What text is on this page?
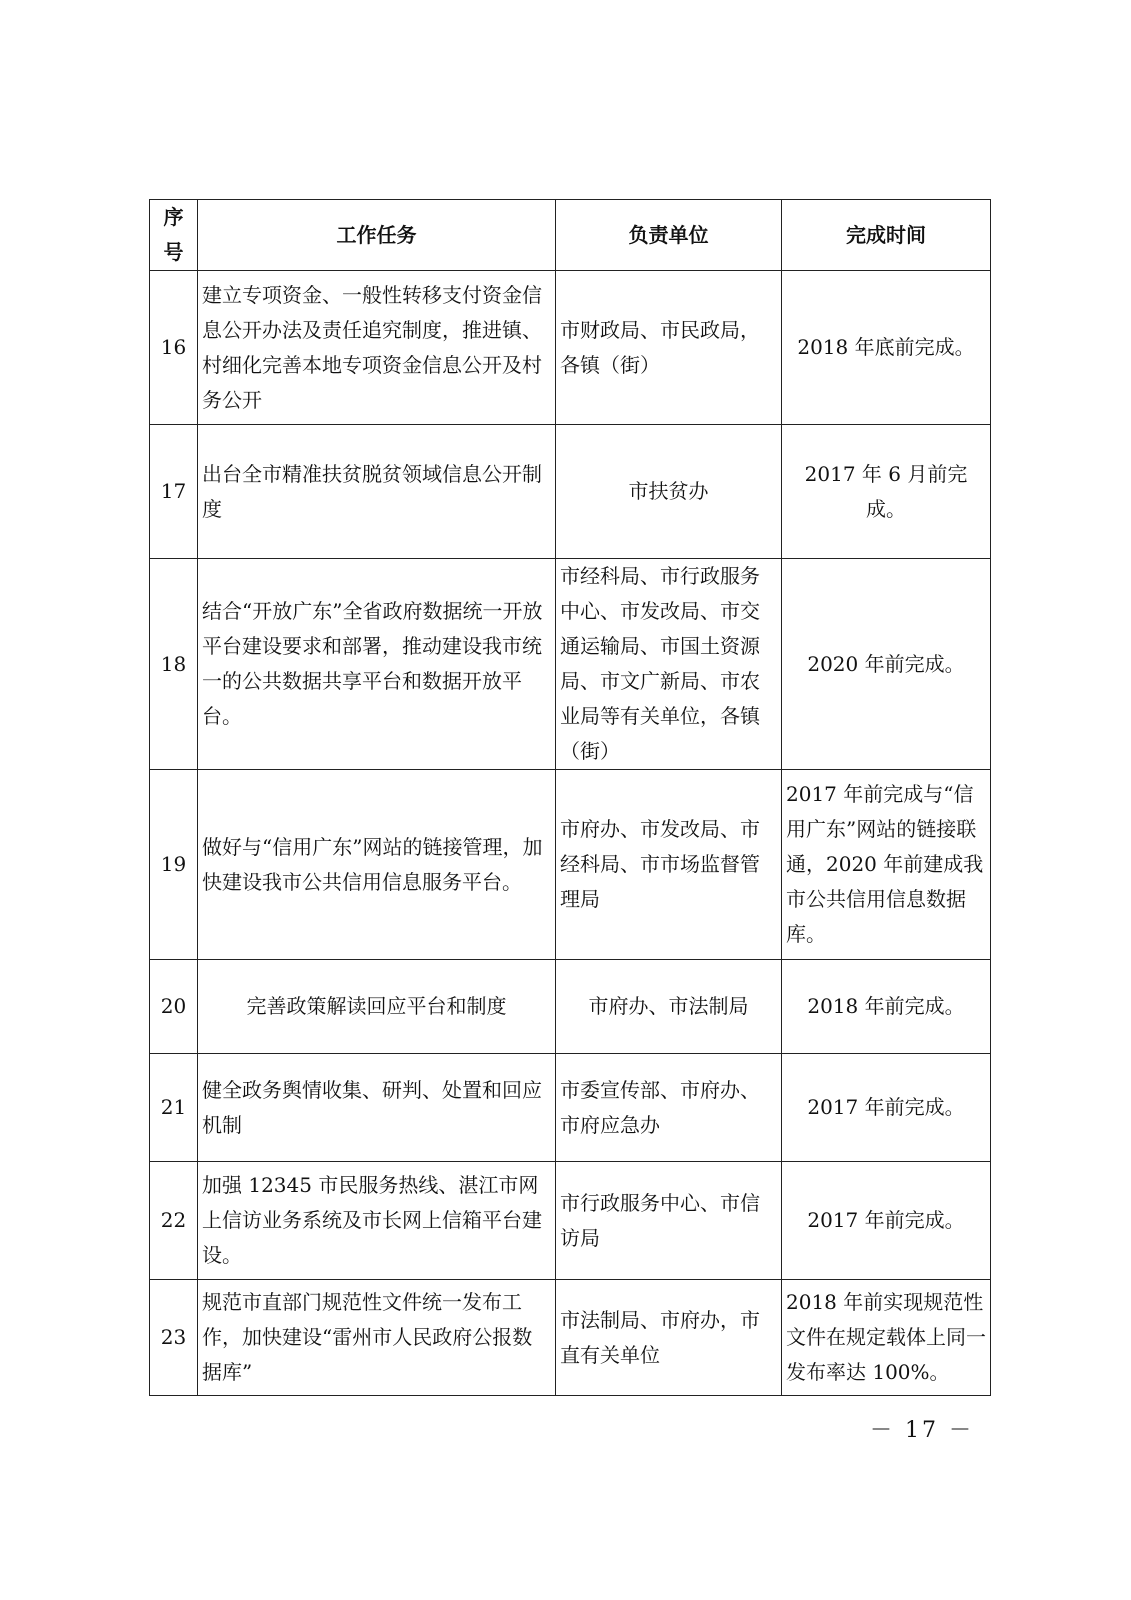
序号	工作任务	负责单位	完成时间
16	建立专项资金、一般性转移支付资金信息公开办法及责任追究制度，推进镇、村细化完善本地专项资金信息公开及村务公开	市财政局、市民政局，各镇（街）	2018 年底前完成。
17	出台全市精准扶贫脱贫领域信息公开制度	市扶贫办	2017 年 6 月前完成。
18	结合“开放广东”全省政府数据统一开放平台建设要求和部署，推动建设我市统一的公共数据共享平台和数据开放平台。	市经科局、市行政服务中心、市发改局、市交通运输局、市国土资源局、市文广新局、市农业局等有关单位，各镇（街）	2020 年前完成。
19	做好与“信用广东”网站的链接管理，加快建设我市公共信用信息服务平台。	市府办、市发改局、市经科局、市市场监督管理局	2017 年前完成与“信用广东”网站的链接联通，2020 年前建成我市公共信用信息数据库。
20	完善政策解读回应平台和制度	市府办、市法制局	2018 年前完成。
21	健全政务舆情收集、研判、处置和回应机制	市委宣传部、市府办、市府应急办	2017 年前完成。
22	加强 12345 市民服务热线、湛江市网上信访业务系统及市长网上信箱平台建设。	市行政服务中心、市信访局	2017 年前完成。
23	规范市直部门规范性文件统一发布工作，加快建设“雷州市人民政府公报数据库”	市法制局、市府办，市直有关单位	2018 年前实现规范性文件在规定载体上同一发布率达 100%。
－ 17 －
